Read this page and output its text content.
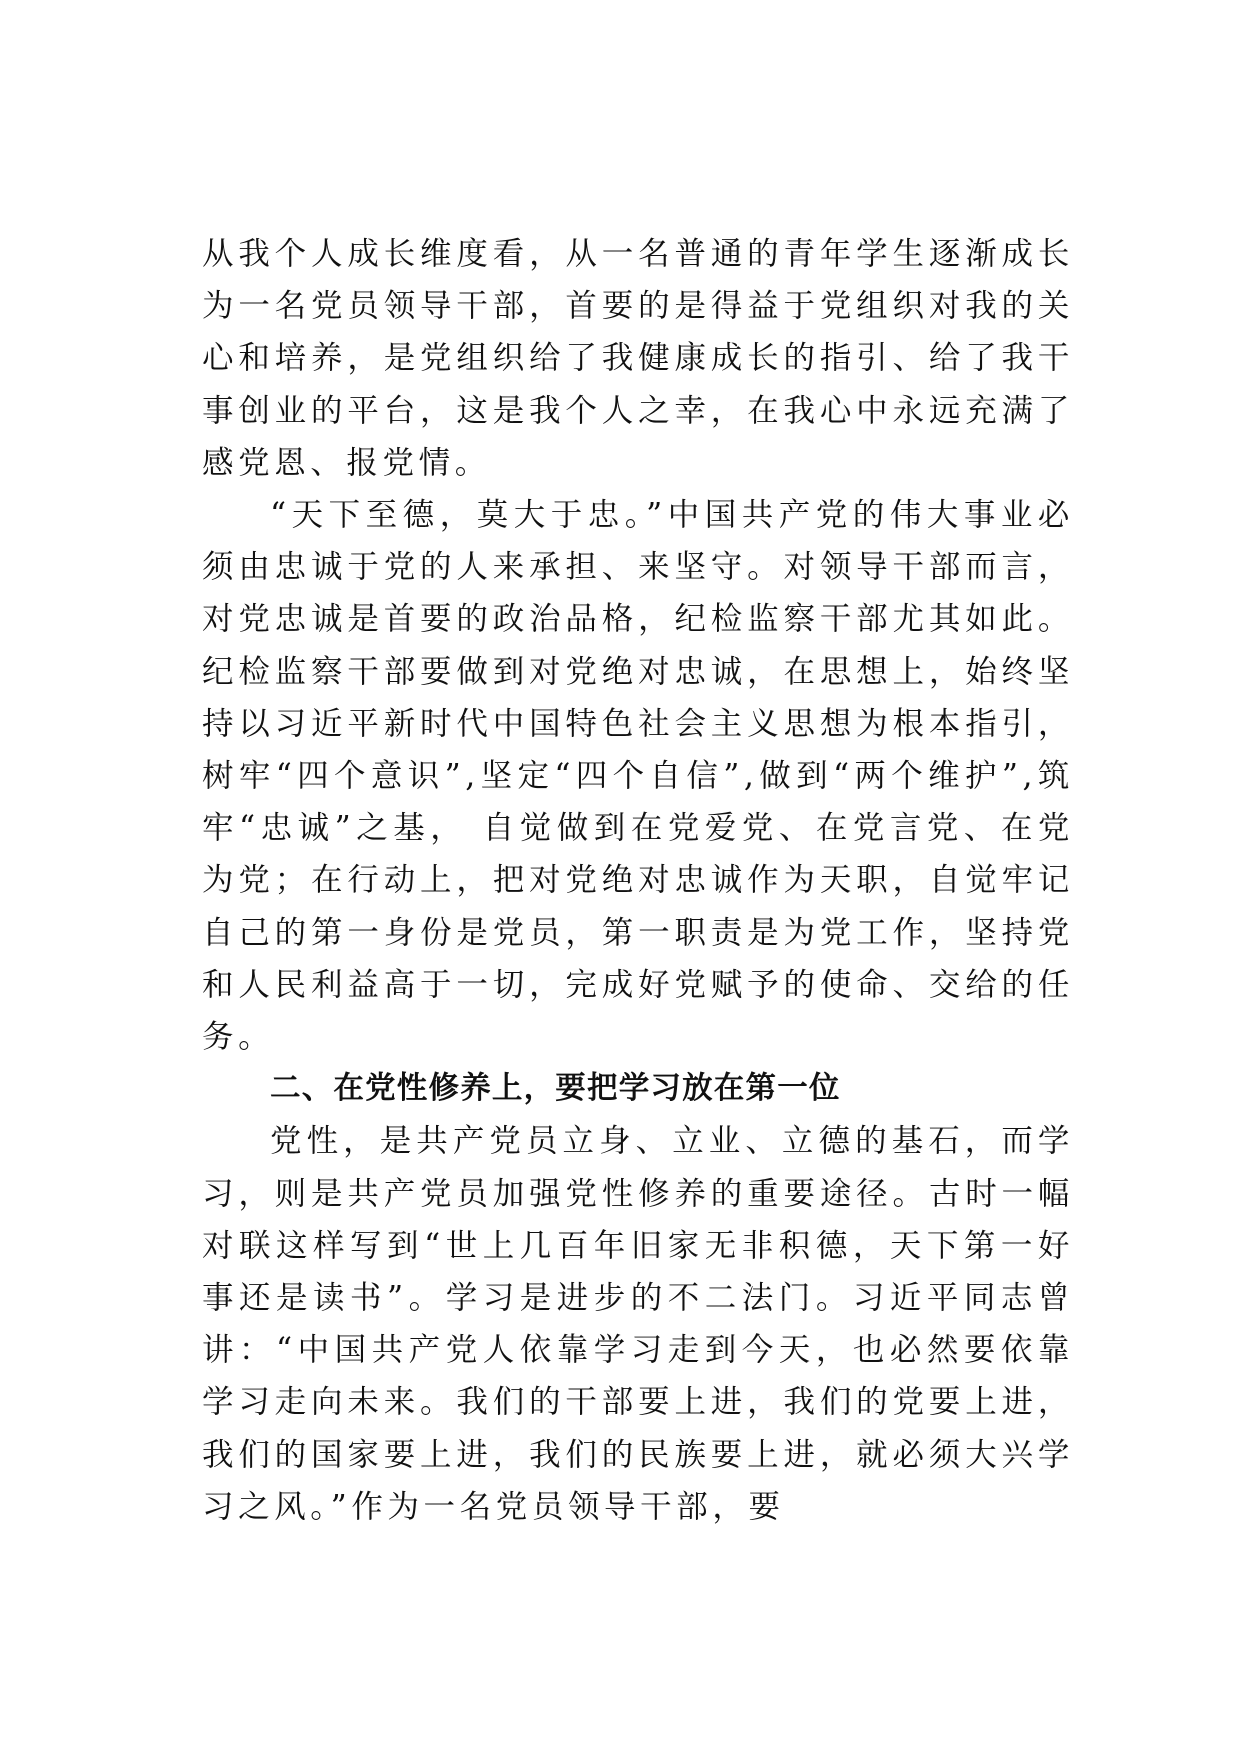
从我个人成长维度看，从一名普通的青年学生逐渐成长为一名党员领导干部，首要的是得益于党组织对我的关心和培养，是党组织给了我健康成长的指引、给了我干事创业的平台，这是我个人之幸，在我心中永远充满了感党恩、报党情。

“天下至德，莫大于忠。”中国共产党的伟大事业必须由忠诚于党的人来承担、来坚守。对领导干部而言，对党忠诚是首要的政治品格，纪检监察干部尤其如此。纪检监察干部要做到对党绝对忠诚，在思想上，始终坚持以习近平新时代中国特色社会主义思想为根本指引，树牢“四个意识”,坚定“四个自信”,做到“两个维护”,筑牢“忠诚”之基， 自觉做到在党爱党、在党言党、在党为党；在行动上，把对党绝对忠诚作为天职，自觉牢记自己的第一身份是党员，第一职责是为党工作，坚持党和人民利益高于一切，完成好党赋予的使命、交给的任务。

二、在党性修养上，要把学习放在第一位

党性，是共产党员立身、立业、立德的基石，而学习，则是共产党员加强党性修养的重要途径。古时一幅对联这样写到“世上几百年旧家无非积德，天下第一好事还是读书”。学习是进步的不二法门。习近平同志曾讲：“中国共产党人依靠学习走到今天，也必然要依靠学习走向未来。我们的干部要上进，我们的党要上进，我们的国家要上进，我们的民族要上进，就必须大兴学习之风。”作为一名党员领导干部，要
